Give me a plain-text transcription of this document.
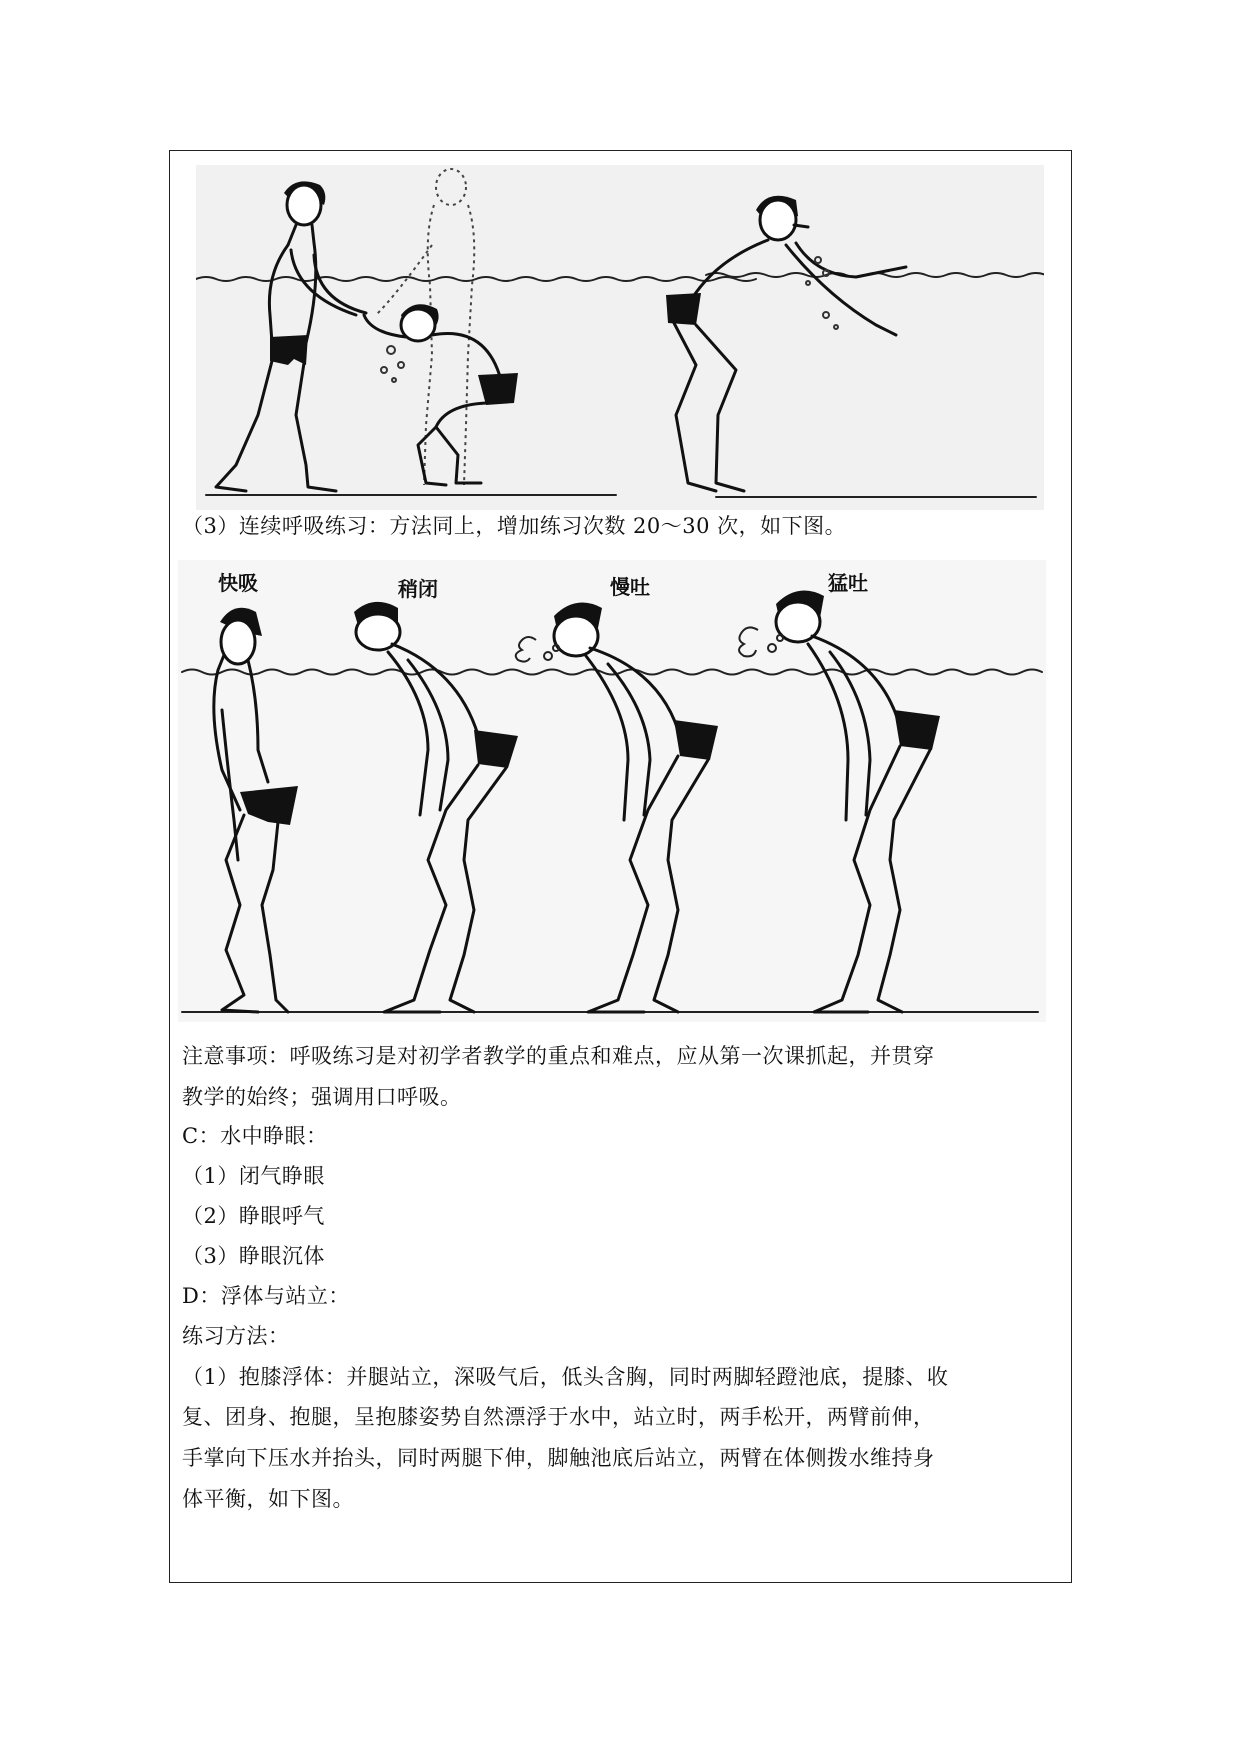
（3）连续呼吸练习：方法同上，增加练习次数 20～30 次，如下图。
快吸	稍闭	慢吐	猛吐
注意事项：呼吸练习是对初学者教学的重点和难点，应从第一次课抓起，并贯穿
教学的始终；强调用口呼吸。
C：水中睁眼：
（1）闭气睁眼
（2）睁眼呼气
（3）睁眼沉体
D：浮体与站立：
练习方法：
（1）抱膝浮体：并腿站立，深吸气后，低头含胸，同时两脚轻蹬池底，提膝、收
复、团身、抱腿，呈抱膝姿势自然漂浮于水中，站立时，两手松开，两臂前伸，
手掌向下压水并抬头，同时两腿下伸，脚触池底后站立，两臂在体侧拨水维持身
体平衡，如下图。
